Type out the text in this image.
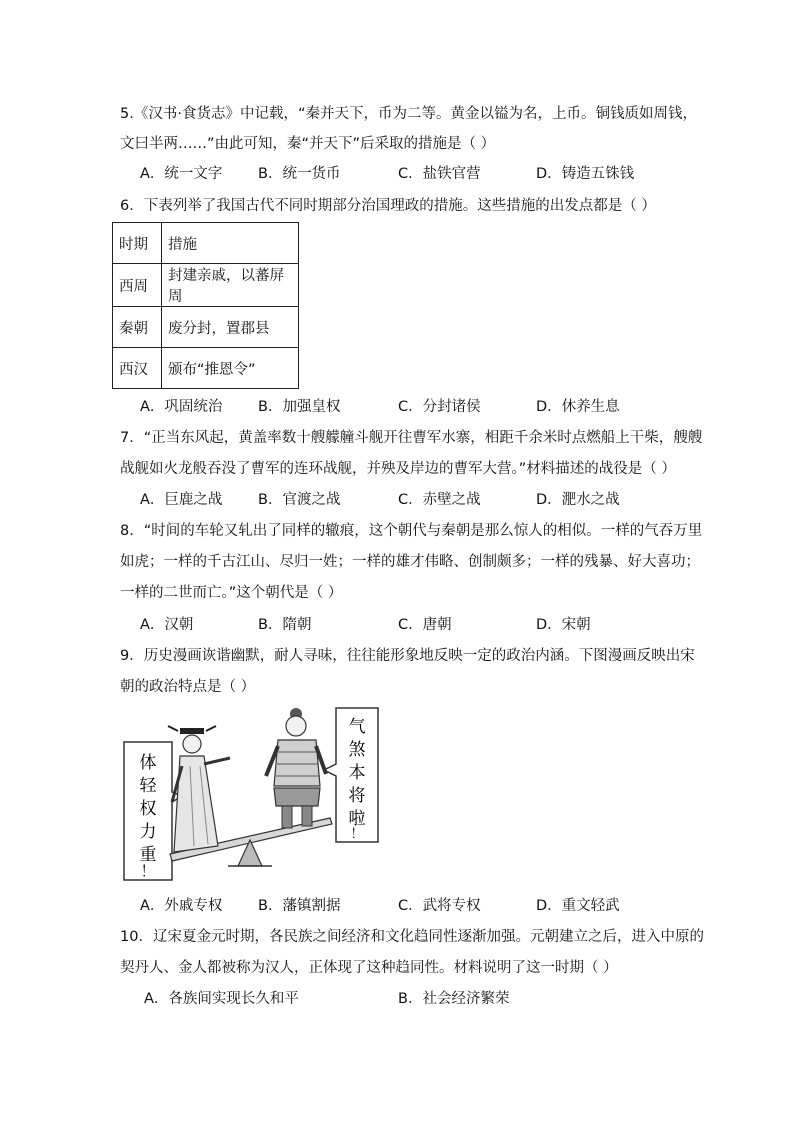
5.《汉书·食货志》中记载，“秦并天下，币为二等。黄金以镒为名，上币。铜钱质如周钱，
文曰半两……”由此可知，秦“并天下”后采取的措施是（ ）
A．统一文字 B．统一货币	C．盐铁官营	D．铸造五铢钱
6．下表列举了我国古代不同时期部分治国理政的措施。这些措施的出发点都是（ ）
时期	措施
西周	封建亲戚，以蕃屏周
秦朝	废分封，置郡县
西汉	颁布“推恩令”
A．巩固统治 B．加强皇权	C．分封诸侯	D．休养生息
7．“正当东风起，黄盖率数十艘艨艟斗舰开往曹军水寨，相距千余米时点燃船上干柴，艘艘
战舰如火龙般吞没了曹军的连环战舰，并殃及岸边的曹军大营。”材料描述的战役是（ ）
A．巨鹿之战 B．官渡之战	C．赤壁之战	D．淝水之战
8．“时间的车轮又轧出了同样的辙痕，这个朝代与秦朝是那么惊人的相似。一样的气吞万里
如虎；一样的千古江山、尽归一姓；一样的雄才伟略、创制颇多；一样的残暴、好大喜功；
一样的二世而亡。”这个朝代是（ ）
A．汉朝	B．隋朝	C．唐朝	D．宋朝
9．历史漫画诙谐幽默，耐人寻味，往往能形象地反映一定的政治内涵。下图漫画反映出宋
朝的政治特点是（ ）
体
轻
权
力
重
！
气
煞
本
将
啦
！
A．外戚专权 B．藩镇割据	C．武将专权	D．重文轻武
10．辽宋夏金元时期，各民族之间经济和文化趋同性逐渐加强。元朝建立之后，进入中原的
契丹人、金人都被称为汉人，正体现了这种趋同性。材料说明了这一时期（ ）
A．各族间实现长久和平	B．社会经济繁荣
